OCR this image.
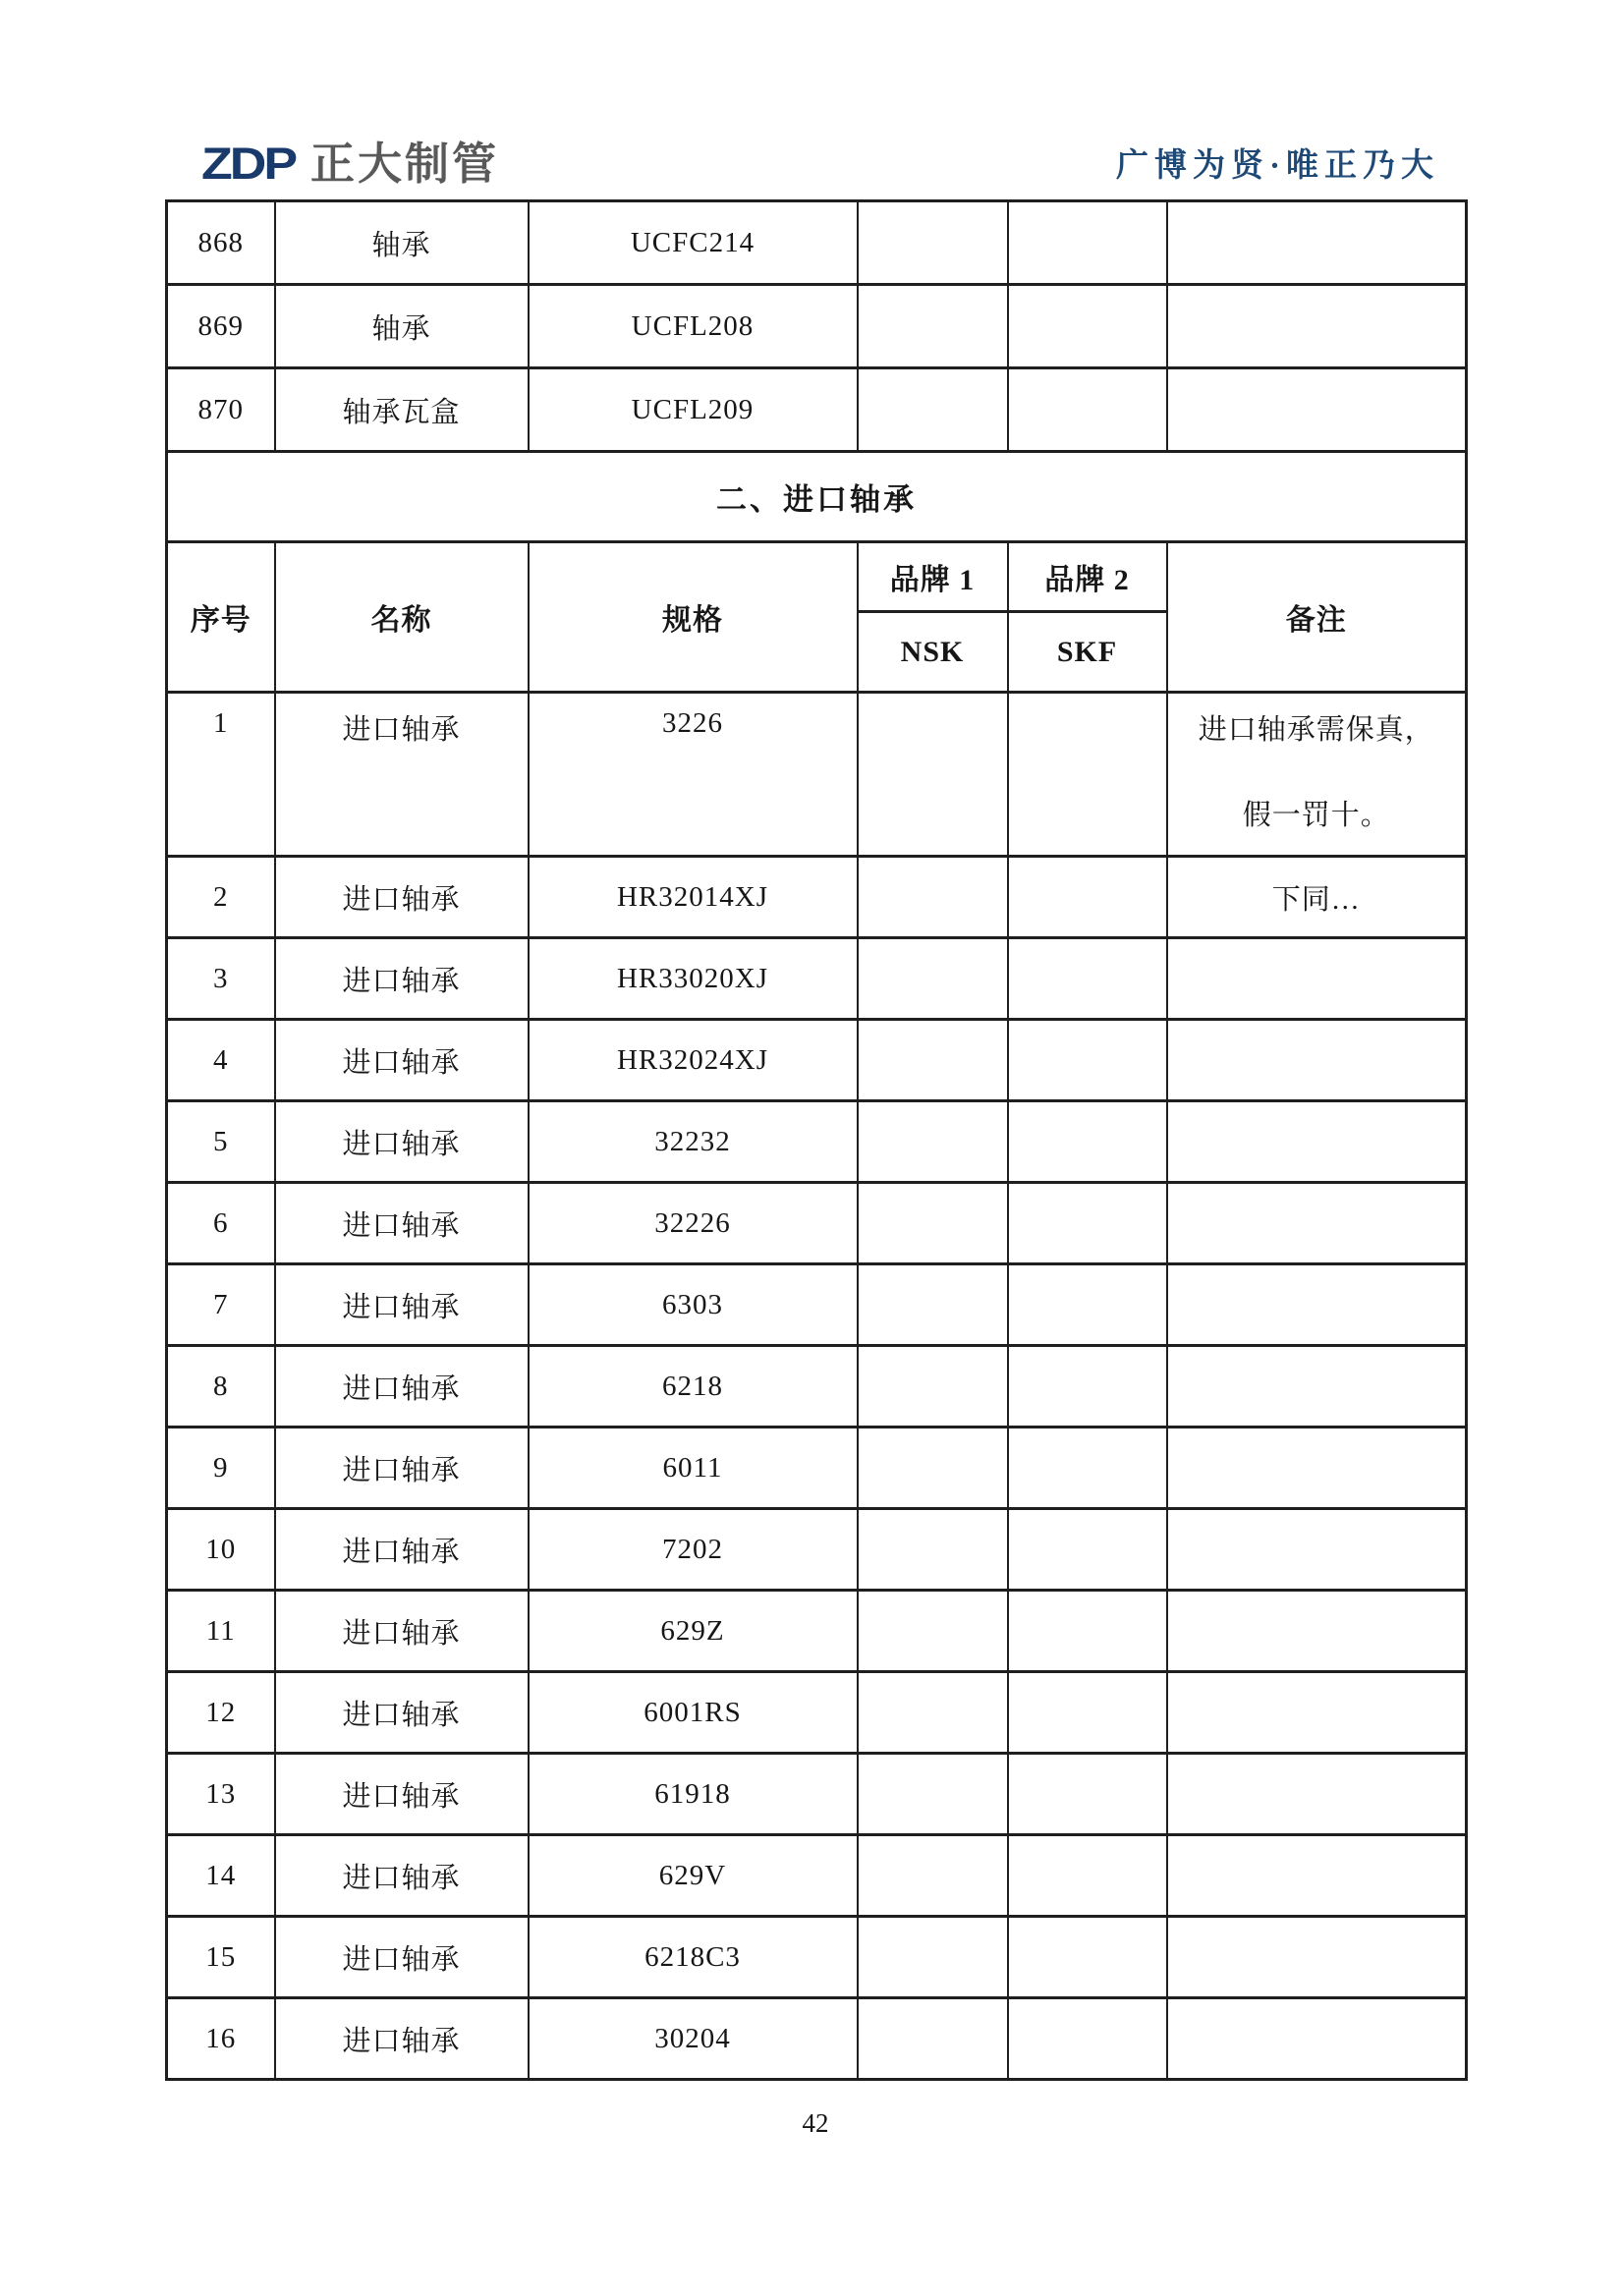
ZDP 正大制管	广博为贤·唯正乃大
868	轴承	UCFC214			
869	轴承	UCFL208			
870	轴承瓦盒	UCFL209			
二、进口轴承					
序号	名称	规格	品牌 1	品牌 2	备注
			NSK	SKF	
1	进口轴承	3226			进口轴承需保真，
假一罚十。

2	进口轴承	HR32014XJ			下同…
3	进口轴承	HR33020XJ			
4	进口轴承	HR32024XJ			
5	进口轴承	32232			
6	进口轴承	32226			
7	进口轴承	6303			
8	进口轴承	6218			
9	进口轴承	6011			
10	进口轴承	7202			
11	进口轴承	629Z			
12	进口轴承	6001RS			
13	进口轴承	61918			
14	进口轴承	629V			
15	进口轴承	6218C3			
16	进口轴承	30204			
42
